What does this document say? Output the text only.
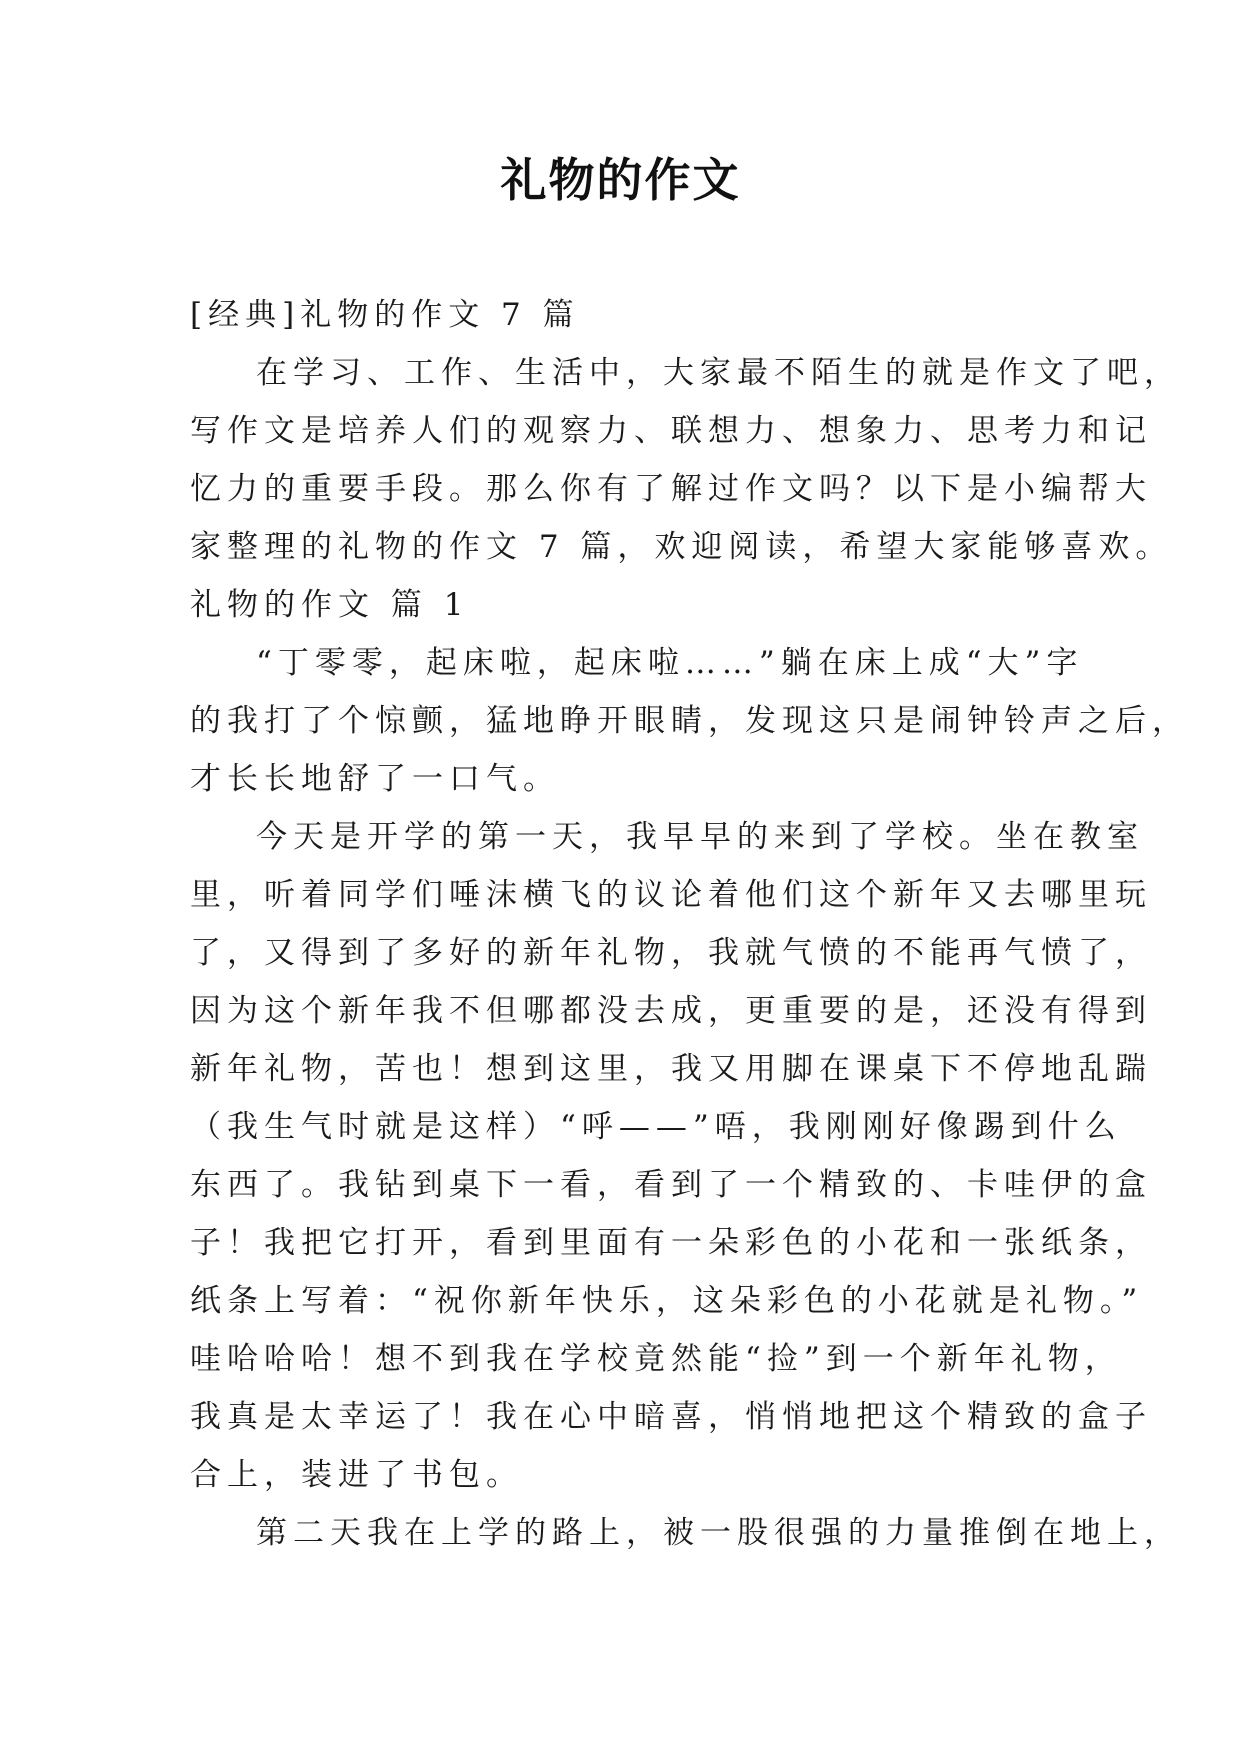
礼物的作文
[经典]礼物的作文 7 篇
在学习、工作、生活中，大家最不陌生的就是作文了吧，
写作文是培养人们的观察力、联想力、想象力、思考力和记
忆力的重要手段。那么你有了解过作文吗？以下是小编帮大
家整理的礼物的作文 7 篇，欢迎阅读，希望大家能够喜欢。
礼物的作文 篇 1
“丁零零，起床啦，起床啦……”躺在床上成“大”字
的我打了个惊颤，猛地睁开眼睛，发现这只是闹钟铃声之后，
才长长地舒了一口气。
今天是开学的第一天，我早早的来到了学校。坐在教室
里，听着同学们唾沫横飞的议论着他们这个新年又去哪里玩
了，又得到了多好的新年礼物，我就气愤的不能再气愤了，
因为这个新年我不但哪都没去成，更重要的是，还没有得到
新年礼物，苦也！想到这里，我又用脚在课桌下不停地乱踹
（我生气时就是这样）“呼——”唔，我刚刚好像踢到什么
东西了。我钻到桌下一看，看到了一个精致的、卡哇伊的盒
子！我把它打开，看到里面有一朵彩色的小花和一张纸条，
纸条上写着：“祝你新年快乐，这朵彩色的小花就是礼物。”
哇哈哈哈！想不到我在学校竟然能“捡”到一个新年礼物，
我真是太幸运了！我在心中暗喜，悄悄地把这个精致的盒子
合上，装进了书包。
第二天我在上学的路上，被一股很强的力量推倒在地上，
